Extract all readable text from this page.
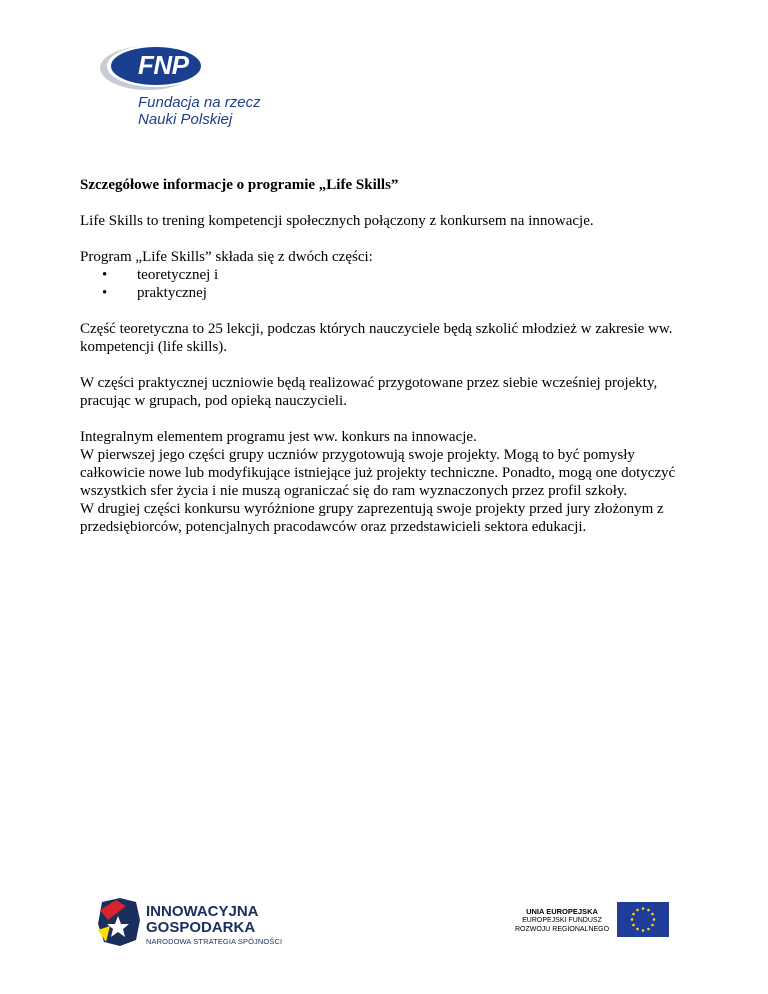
FNP
Fundacja na rzecz
Nauki Polskiej

Szczegółowe informacje o programie „Life Skills”

Life Skills to trening kompetencji społecznych połączony z konkursem na innowacje.

Program „Life Skills” składa się z dwóch części:

• teoretycznej i
• praktycznej

Część teoretyczna to 25 lekcji, podczas których nauczyciele będą szkolić młodzież w zakresie ww. kompetencji (life skills).

W części praktycznej uczniowie będą realizować przygotowane przez siebie wcześniej projekty, pracując w grupach, pod opieką nauczycieli.

Integralnym elementem programu jest ww. konkurs na innowacje.

W pierwszej jego części grupy uczniów przygotowują swoje projekty. Mogą to być pomysły całkowicie nowe lub modyfikujące istniejące już projekty techniczne. Ponadto, mogą one dotyczyć wszystkich sfer życia i nie muszą ograniczać się do ram wyznaczonych przez profil szkoły.

W drugiej części konkursu wyróżnione grupy zaprezentują swoje projekty przed jury złożonym z przedsiębiorców, potencjalnych pracodawców oraz przedstawicieli sektora edukacji.

INNOWACYJNA
GOSPODARKA
NARODOWA STRATEGIA SPÓJNOŚCI
UNIA EUROPEJSKA
EUROPEJSKI FUNDUSZ
ROZWOJU REGIONALNEGO
